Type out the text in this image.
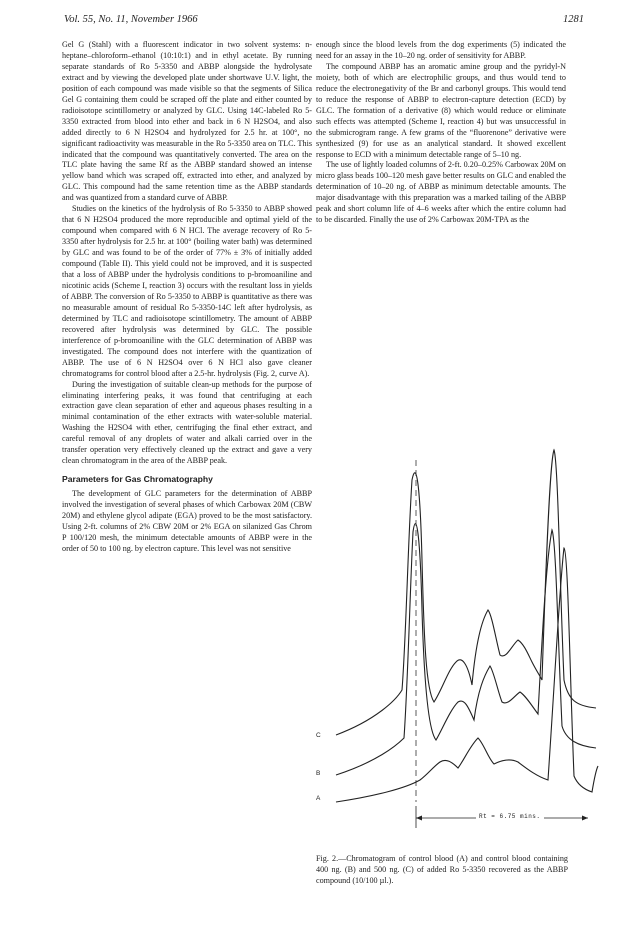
Vol. 55, No. 11, November 1966	1281

Gel G (Stahl) with a fluorescent indicator in two solvent systems: n-heptane–chloroform–ethanol (10:10:1) and in ethyl acetate. By running separate standards of Ro 5-3350 and ABBP alongside the hydrolysate extract and by viewing the developed plate under shortwave U.V. light, the position of each compound was made visible so that the segments of Silica Gel G containing them could be scraped off the plate and either counted by radioisotope scintillometry or analyzed by GLC. Using 14C-labeled Ro 5-3350 extracted from blood into ether and back in 6 N H2SO4, and also added directly to 6 N H2SO4 and hydrolyzed for 2.5 hr. at 100°, no significant radioactivity was measurable in the Ro 5-3350 area on TLC. This indicated that the compound was quantitatively converted. The area on the TLC plate having the same Rf as the ABBP standard showed an intense yellow band which was scraped off, extracted into ether, and analyzed by GLC. This compound had the same retention time as the ABBP standards and was quantized from a standard curve of ABBP.

Studies on the kinetics of the hydrolysis of Ro 5-3350 to ABBP showed that 6 N H2SO4 produced the more reproducible and optimal yield of the compound when compared with 6 N HCl. The average recovery of Ro 5-3350 after hydrolysis for 2.5 hr. at 100° (boiling water bath) was determined by GLC and was found to be of the order of 77% ± 3% of initially added compound (Table II). This yield could not be improved, and it is suspected that a loss of ABBP under the hydrolysis conditions to p-bromoaniline and nicotinic acids (Scheme I, reaction 3) occurs with the resultant loss in yields of ABBP. The conversion of Ro 5-3350 to ABBP is quantitative as there was no measurable amount of residual Ro 5-3350-14C left after hydrolysis, as determined by TLC and radioisotope scintillometry. The amount of ABBP recovered after hydrolysis was determined by GLC. The possible interference of p-bromoaniline with the GLC determination of ABBP was investigated. The compound does not interfere with the quantization of ABBP. The use of 6 N H2SO4 over 6 N HCl also gave cleaner chromatograms for control blood after a 2.5-hr. hydrolysis (Fig. 2, curve A).

During the investigation of suitable clean-up methods for the purpose of eliminating interfering peaks, it was found that centrifuging at each extraction gave clean separation of ether and aqueous phases resulting in a minimal contamination of the ether extracts with water-soluble material. Washing the H2SO4 with ether, centrifuging the final ether extract, and careful removal of any droplets of water and alkali carried over in the transfer operation very effectively cleaned up the extract and gave a very clean chromatogram in the area of the ABBP peak.

Parameters for Gas Chromatography

The development of GLC parameters for the determination of ABBP involved the investigation of several phases of which Carbowax 20M (CBW 20M) and ethylene glycol adipate (EGA) proved to be the most satisfactory. Using 2-ft. columns of 2% CBW 20M or 2% EGA on silanized Gas Chrom P 100/120 mesh, the minimum detectable amounts of ABBP were in the order of 50 to 100 ng. by electron capture. This level was not sensitive

enough since the blood levels from the dog experiments (5) indicated the need for an assay in the 10–20 ng. order of sensitivity for ABBP.

The compound ABBP has an aromatic amine group and the pyridyl-N moiety, both of which are electrophilic groups, and thus would tend to reduce the electronegativity of the Br and carbonyl groups. This would tend to reduce the response of ABBP to electron-capture detection (ECD) by GLC. The formation of a derivative (8) which would reduce or eliminate such effects was attempted (Scheme I, reaction 4) but was unsuccessful in the submicrogram range. A few grams of the “fluorenone” derivative were synthesized (9) for use as an analytical standard. It showed excellent response to ECD with a minimum detectable range of 5–10 ng.

The use of lightly loaded columns of 2-ft. 0.20–0.25% Carbowax 20M on micro glass beads 100–120 mesh gave better results on GLC and enabled the determination of 10–20 ng. of ABBP as minimum detectable amounts. The major disadvantage with this preparation was a marked tailing of the ABBP peak and short column life of 4–6 weeks after which the entire column had to be discarded. Finally the use of 2% Carbowax 20M-TPA as the

C
B
A
Rt = 6.75 mins.
Fig. 2.—Chromatogram of control blood (A) and control blood containing 400 ng. (B) and 500 ng. (C) of added Ro 5-3350 recovered as the ABBP compound (10/100 µl.).
